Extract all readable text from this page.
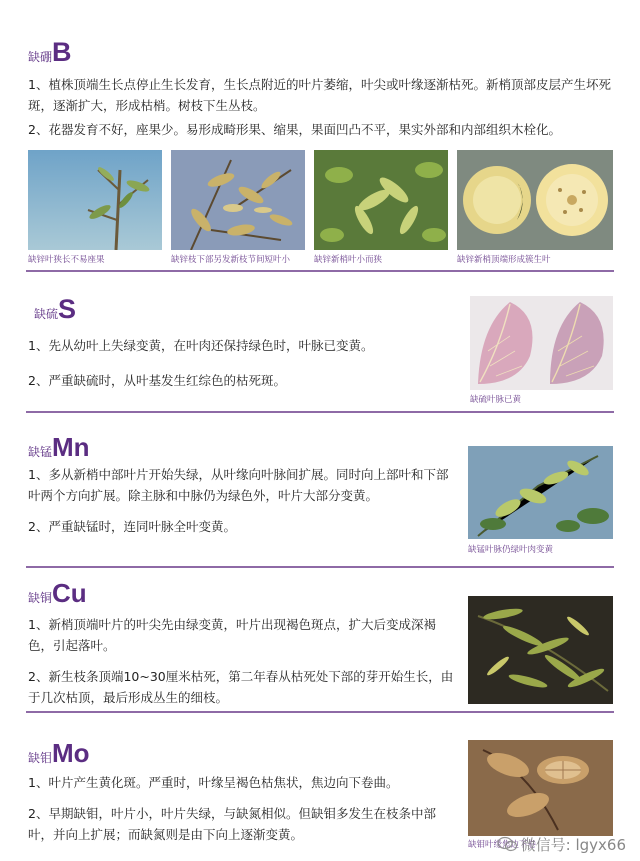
缺硼B
1、植株顶端生长点停止生长发育，生长点附近的叶片萎缩，叶尖或叶缘逐渐枯死。新梢顶部皮层产生坏死斑，逐渐扩大，形成枯梢。树枝下生丛枝。
2、花器发育不好，座果少。易形成畸形果、缩果，果面凹凸不平，果实外部和内部组织木栓化。
缺锌叶狭长不易座果	缺锌枝下部另发新枝节间短叶小	缺锌新梢叶小而狭	缺锌新梢顶端形成簇生叶
缺硫S
1、先从幼叶上失绿变黄，在叶肉还保持绿色时，叶脉已变黄。
2、严重缺硫时，从叶基发生红综色的枯死斑。
缺硫叶脉已黄
缺锰Mn
1、多从新梢中部叶片开始失绿，从叶缘向叶脉间扩展。同时向上部叶和下部叶两个方向扩展。除主脉和中脉仍为绿色外，叶片大部分变黄。
2、严重缺锰时，连同叶脉全叶变黄。
缺锰叶脉仍绿叶肉变黄
缺铜Cu
1、新梢顶端叶片的叶尖先由绿变黄，叶片出现褐色斑点，扩大后变成深褐色，引起落叶。
2、新生枝条顶端10~30厘米枯死，第二年春从枯死处下部的芽开始生长，由于几次枯顶，最后形成丛生的细枝。
缺钼Mo
1、叶片产生黄化斑。严重时，叶缘呈褐色枯焦状，焦边向下卷曲。
2、早期缺钼，叶片小，叶片失绿，与缺氮相似。但缺钼多发生在枝条中部叶，并向上扩展；而缺氮则是由下向上逐渐变黄。
缺钼叶缘焦边下卷
微信号: lgyx66
